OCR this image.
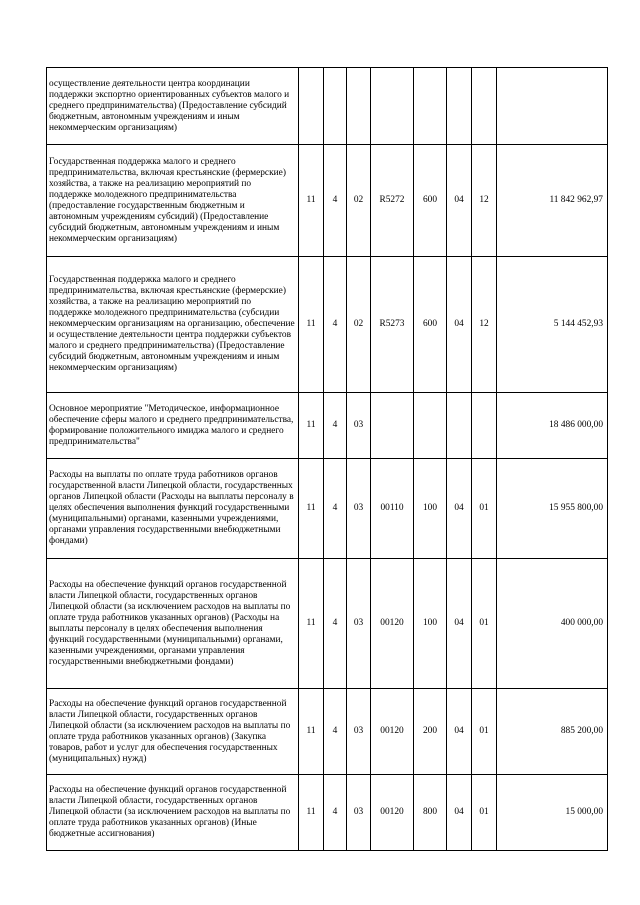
осуществление деятельности центра координации поддержки экспортно ориентированных субъектов малого и среднего предпринимательства) (Предоставление субсидий бюджетным, автономным учреждениям и иным некоммерческим организациям)								
Государственная поддержка малого и среднего предпринимательства, включая крестьянские (фермерские) хозяйства, а также на реализацию мероприятий по поддержке молодежного предпринимательства (предоставление государственным бюджетным и автономным учреждениям субсидий) (Предоставление субсидий бюджетным, автономным учреждениям и иным некоммерческим организациям)	11	4	02	R5272	600	04	12	11 842 962,97
Государственная поддержка малого и среднего предпринимательства, включая крестьянские (фермерские) хозяйства, а также на реализацию мероприятий по поддержке молодежного предпринимательства (субсидии некоммерческим организациям на организацию, обеспечение и осуществление деятельности центра поддержки субъектов малого и среднего предпринимательства) (Предоставление субсидий бюджетным, автономным учреждениям и иным некоммерческим организациям)	11	4	02	R5273	600	04	12	5 144 452,93
Основное мероприятие "Методическое, информационное обеспечение сферы малого и среднего предпринимательства, формирование положительного имиджа малого и среднего предпринимательства"	11	4	03					18 486 000,00
Расходы на выплаты по оплате труда работников органов государственной власти Липецкой области, государственных органов Липецкой области (Расходы на выплаты персоналу в целях обеспечения выполнения функций государственными (муниципальными) органами, казенными учреждениями, органами управления государственными внебюджетными фондами)	11	4	03	00110	100	04	01	15 955 800,00
Расходы на обеспечение функций органов государственной власти Липецкой области, государственных органов Липецкой области (за исключением расходов на выплаты по оплате труда работников указанных органов) (Расходы на выплаты персоналу в целях обеспечения выполнения функций государственными (муниципальными) органами, казенными учреждениями, органами управления государственными внебюджетными фондами)	11	4	03	00120	100	04	01	400 000,00
Расходы на обеспечение функций органов государственной власти Липецкой области, государственных органов Липецкой области (за исключением расходов на выплаты по оплате труда работников указанных органов) (Закупка товаров, работ и услуг для обеспечения государственных (муниципальных) нужд)	11	4	03	00120	200	04	01	885 200,00
Расходы на обеспечение функций органов государственной власти Липецкой области, государственных органов Липецкой области (за исключением расходов на выплаты по оплате труда работников указанных органов) (Иные бюджетные ассигнования)	11	4	03	00120	800	04	01	15 000,00
